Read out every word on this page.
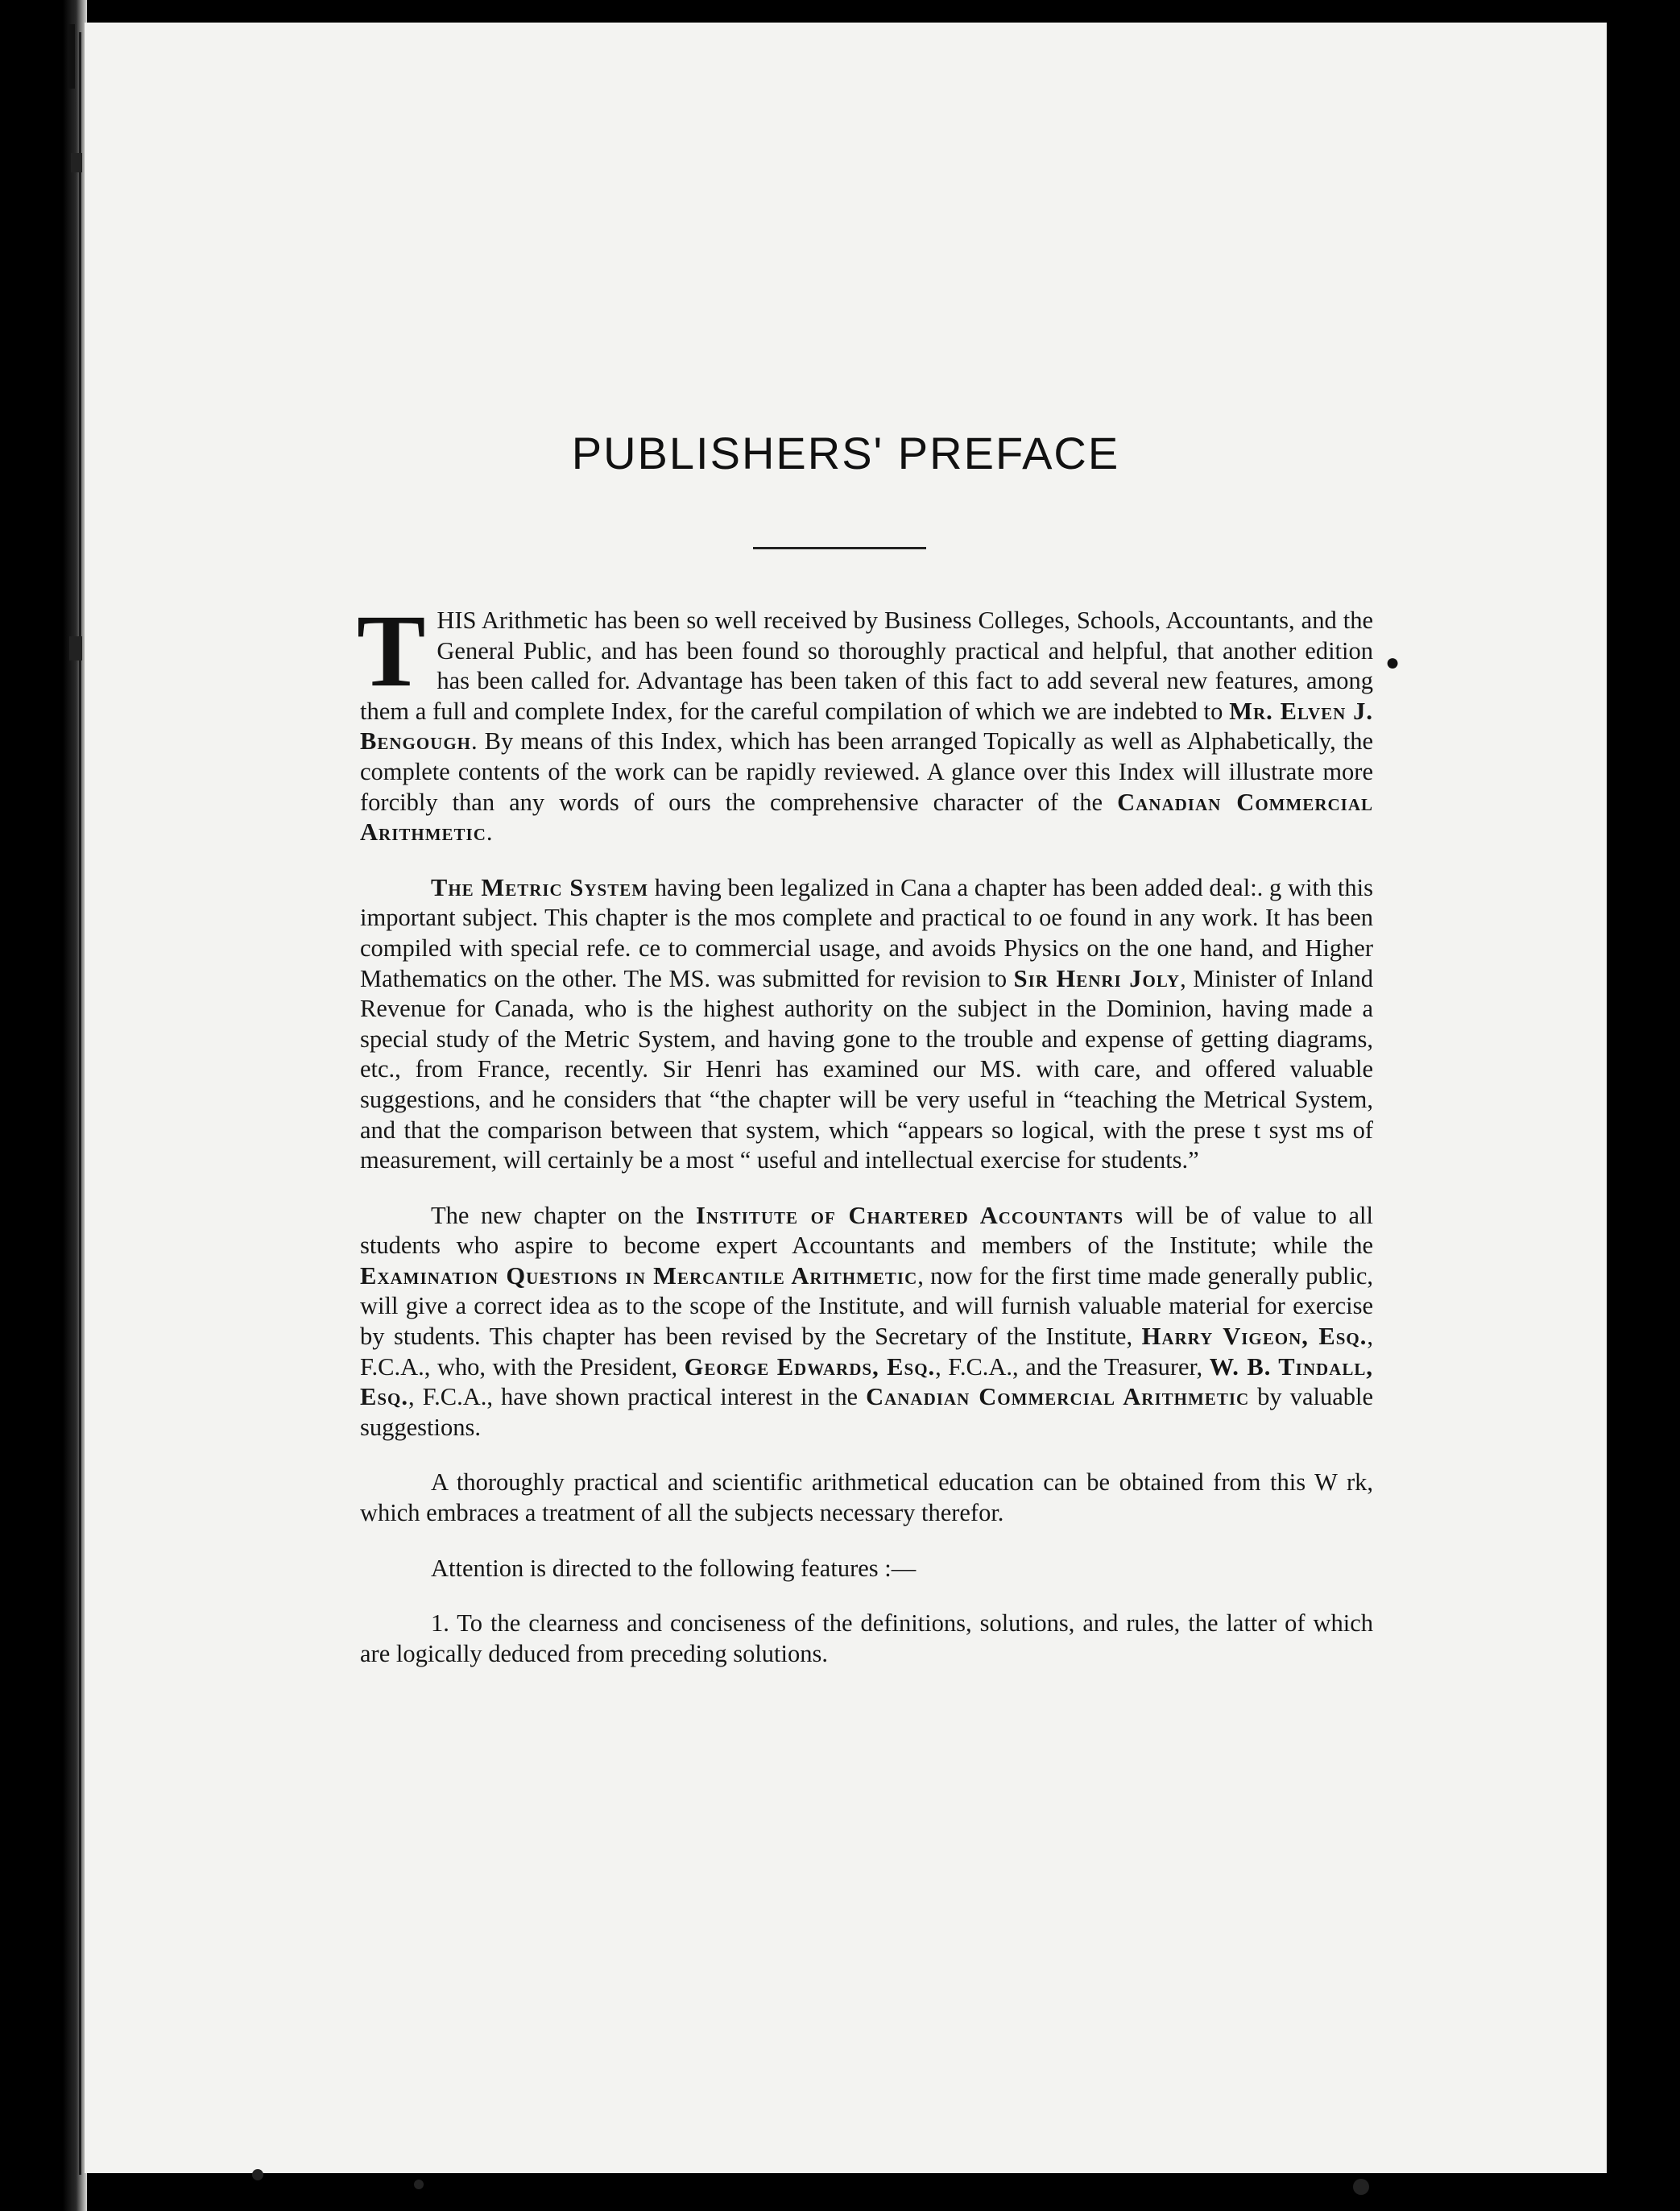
PUBLISHERS' PREFACE
●

THIS Arithmetic has been so well received by Business Colleges, Schools, Accountants, and the General Public, and has been found so thoroughly practical and helpful, that another edition has been called for. Advantage has been taken of this fact to add several new features, among them a full and complete Index, for the careful compilation of which we are indebted to Mr. Elven J. Bengough. By means of this Index, which has been arranged Topically as well as Alphabetically, the complete contents of the work can be rapidly reviewed. A glance over this Index will illustrate more forcibly than any words of ours the comprehensive character of the Canadian Commercial Arithmetic.

The Metric System having been legalized in Cana a chapter has been added deal:. g with this important subject. This chapter is the mos complete and practical to oe found in any work. It has been compiled with special refe. ce to commercial usage, and avoids Physics on the one hand, and Higher Mathematics on the other. The MS. was submitted for revision to Sir Henri Joly, Minister of Inland Revenue for Canada, who is the highest authority on the subject in the Dominion, having made a special study of the Metric System, and having gone to the trouble and expense of getting diagrams, etc., from France, recently. Sir Henri has examined our MS. with care, and offered valuable suggestions, and he considers that “the chapter will be very useful in “teaching the Metrical System, and that the comparison between that system, which “appears so logical, with the prese t syst ms of measurement, will certainly be a most “ useful and intellectual exercise for students.”

The new chapter on the Institute of Chartered Accountants will be of value to all students who aspire to become expert Accountants and members of the Institute; while the Examination Questions in Mercantile Arithmetic, now for the first time made generally public, will give a correct idea as to the scope of the Institute, and will furnish valuable material for exercise by students. This chapter has been revised by the Secretary of the Institute, Harry Vigeon, Esq., F.C.A., who, with the President, George Edwards, Esq., F.C.A., and the Treasurer, W. B. Tindall, Esq., F.C.A., have shown practical interest in the Canadian Commercial Arithmetic by valuable suggestions.

A thoroughly practical and scientific arithmetical education can be obtained from this W rk, which embraces a treatment of all the subjects necessary therefor.

Attention is directed to the following features :—

1. To the clearness and conciseness of the definitions, solutions, and rules, the latter of which are logically deduced from preceding solutions.
